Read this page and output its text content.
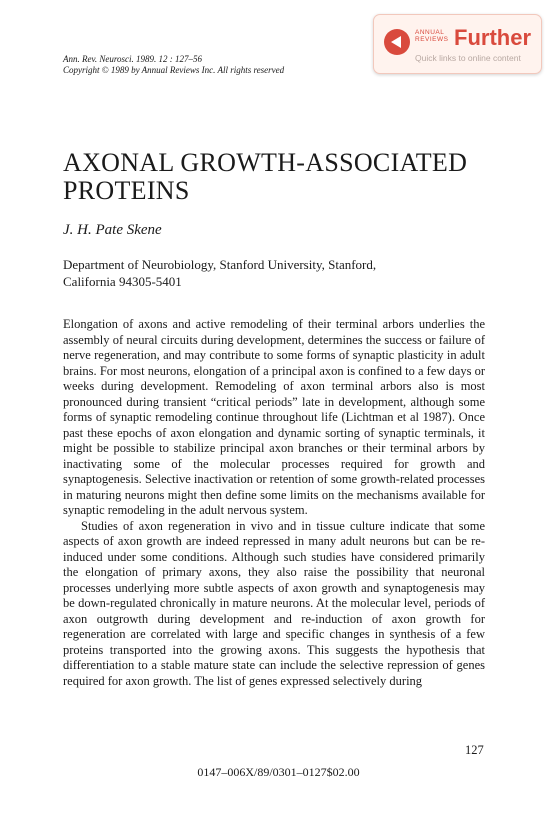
Ann. Rev. Neurosci. 1989. 12 : 127–56
Copyright © 1989 by Annual Reviews Inc. All rights reserved
ANNUAL
REVIEWS Further
Quick links to online content
AXONAL GROWTH-ASSOCIATED
PROTEINS
J. H. Pate Skene
Department of Neurobiology, Stanford University, Stanford,
California 94305-5401

Elongation of axons and active remodeling of their terminal arbors underlies the assembly of neural circuits during development, determines the success or failure of nerve regeneration, and may contribute to some forms of synaptic plasticity in adult brains. For most neurons, elongation of a principal axon is confined to a few days or weeks during development. Remodeling of axon terminal arbors also is most pronounced during transient “critical periods” late in development, although some forms of synaptic remodeling continue throughout life (Lichtman et al 1987). Once past these epochs of axon elongation and dynamic sorting of synaptic terminals, it might be possible to stabilize principal axon branches or their terminal arbors by inactivating some of the molecular processes required for growth and synaptogenesis. Selective inactivation or retention of some growth-related processes in maturing neurons might then define some limits on the mechanisms available for synaptic remodeling in the adult nervous system.

Studies of axon regeneration in vivo and in tissue culture indicate that some aspects of axon growth are indeed repressed in many adult neurons but can be re-induced under some conditions. Although such studies have considered primarily the elongation of primary axons, they also raise the possibility that neuronal processes underlying more subtle aspects of axon growth and synaptogenesis may be down-regulated chronically in mature neurons. At the molecular level, periods of axon outgrowth during development and re-induction of axon growth for regeneration are correlated with large and specific changes in synthesis of a few proteins transported into the growing axons. This suggests the hypothesis that differentiation to a stable mature state can include the selective repression of genes required for axon growth. The list of genes expressed selectively during

127
0147–006X/89/0301–0127$02.00
